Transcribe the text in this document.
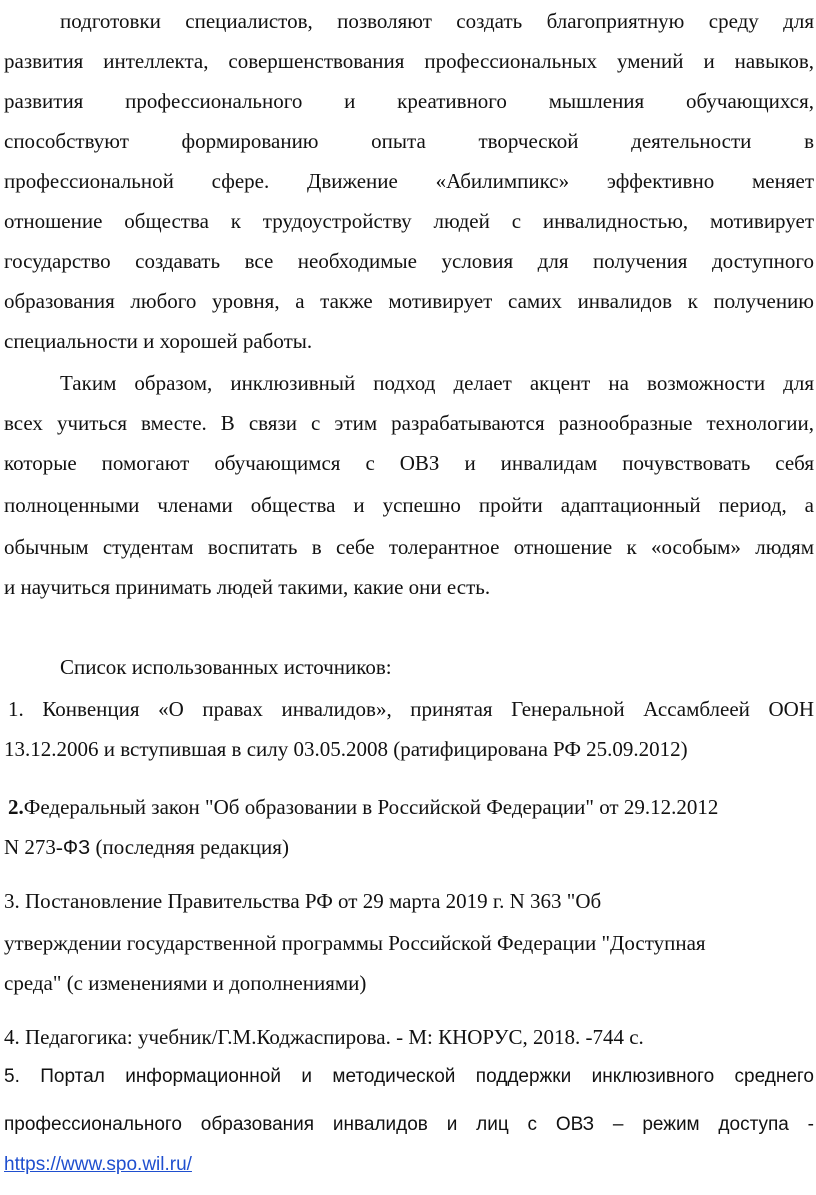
подготовки специалистов, позволяют создать благоприятную среду для
развития интеллекта, совершенствования профессиональных умений и навыков,
развития профессионального и креативного мышления обучающихся,
способствуют формированию опыта творческой деятельности в
профессиональной сфере. Движение «Абилимпикс» эффективно меняет
отношение общества к трудоустройству людей с инвалидностью, мотивирует
государство создавать все необходимые условия для получения доступного
образования любого уровня, а также мотивирует самих инвалидов к получению
специальности и хорошей работы.
Таким образом, инклюзивный подход делает акцент на возможности для
всех учиться вместе. В связи с этим разрабатываются разнообразные технологии,
которые помогают обучающимся с ОВЗ и инвалидам почувствовать себя
полноценными членами общества и успешно пройти адаптационный период, а
обычным студентам воспитать в себе толерантное отношение к «особым» людям
и научиться принимать людей такими, какие они есть.
Список использованных источников:
1. Конвенция «О правах инвалидов», принятая Генеральной Ассамблеей ООН
13.12.2006 и вступившая в силу 03.05.2008 (ратифицирована РФ 25.09.2012)
2.Федеральный закон "Об образовании в Российской Федерации" от 29.12.2012
N 273-ФЗ (последняя редакция)
3. Постановление Правительства РФ от 29 марта 2019 г. N 363 "Об
утверждении государственной программы Российской Федерации "Доступная
среда" (с изменениями и дополнениями)
4. Педагогика: учебник/Г.М.Коджаспирова. - М: КНОРУС, 2018. -744 с.
5. Портал информационной и методической поддержки инклюзивного среднего
профессионального образования инвалидов и лиц с ОВЗ – режим доступа -
https://www.spo.wil.ru/
